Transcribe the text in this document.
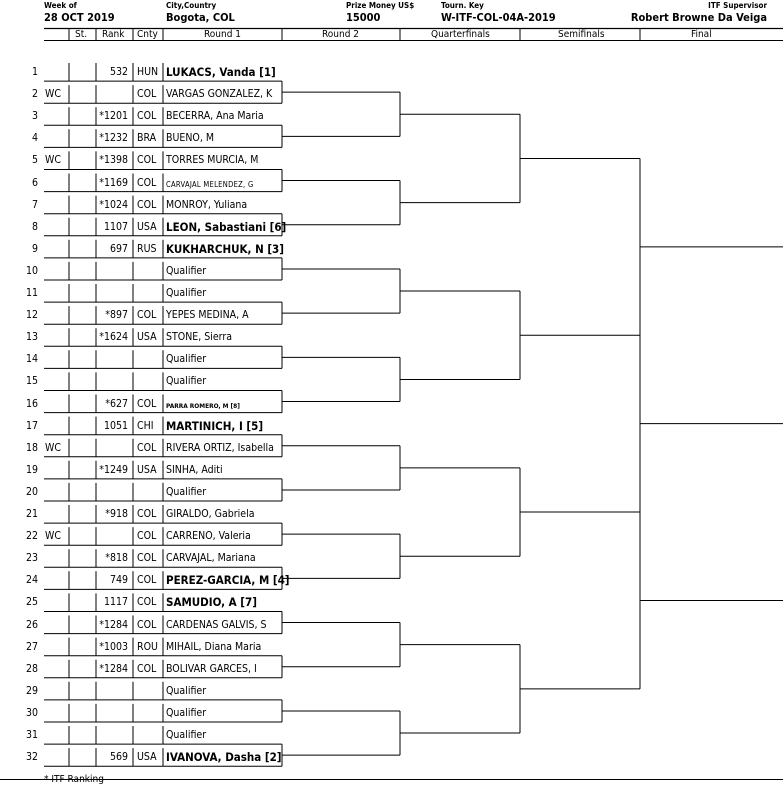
Week of
28 OCT 2019
City,Country
Bogota, COL
Prize Money US$
15000
Tourn. Key
W-ITF-COL-04A-2019
ITF Supervisor
Robert Browne Da Veiga
St. Rank Cnty	Round 1	Round 2	Quarterfinals	Semifinals	Final
1	532 HUN LUKACS, Vanda [1]
2 WC	COL VARGAS GONZALEZ, K
3	*1201 COL BECERRA, Ana Maria
4	*1232 BRA BUENO, M
5 WC	*1398 COL TORRES MURCIA, M
6	*1169 COL CARVAJAL MELENDEZ, G
7	*1024 COL MONROY, Yuliana
8	1107 USA LEON, Sabastiani [6]
9	697 RUS KUKHARCHUK, N [3]
10	Qualifier
11	Qualifier
12	*897 COL YEPES MEDINA, A
13	*1624 USA STONE, Sierra
14	Qualifier
15	Qualifier
16	*627 COL PARRA ROMERO, M [8]
17	1051 CHI MARTINICH, I [5]
18 WC	COL RIVERA ORTIZ, Isabella
19	*1249 USA SINHA, Aditi
20	Qualifier
21	*918 COL GIRALDO, Gabriela
22 WC	COL CARRENO, Valeria
23	*818 COL CARVAJAL, Mariana
24	749 COL PEREZ-GARCIA, M [4]
25	1117 COL SAMUDIO, A [7]
26	*1284 COL CARDENAS GALVIS, S
27	*1003 ROU MIHAIL, Diana Maria
28	*1284 COL BOLIVAR GARCES, I
29	Qualifier
30	Qualifier
31	Qualifier
32	569 USA IVANOVA, Dasha [2]
* ITF Ranking
